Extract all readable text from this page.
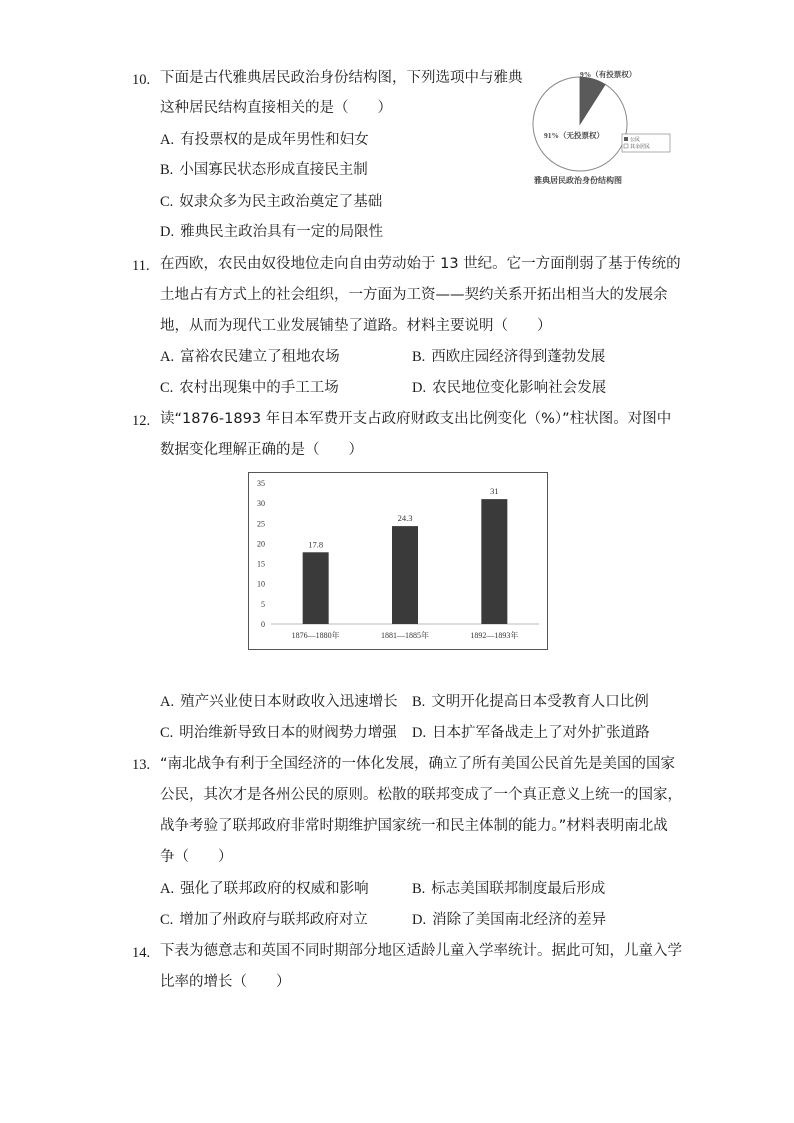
10. 下面是古代雅典居民政治身份结构图，下列选项中与雅典
这种居民结构直接相关的是（　　）
A. 有投票权的是成年男性和妇女
B. 小国寡民状态形成直接民主制
C. 奴隶众多为民主政治奠定了基础
D. 雅典民主政治具有一定的局限性
9%（有投票权）
91%（无投票权）
公民
其余居民
雅典居民政治身份结构图
11. 在西欧，农民由奴役地位走向自由劳动始于 13 世纪。它一方面削弱了基于传统的
土地占有方式上的社会组织，一方面为工资——契约关系开拓出相当大的发展余
地，从而为现代工业发展铺垫了道路。材料主要说明（　　）
A. 富裕农民建立了租地农场	B. 西欧庄园经济得到蓬勃发展
C. 农村出现集中的手工工场	D. 农民地位变化影响社会发展
12. 读“1876-1893 年日本军费开支占政府财政支出比例变化（%）”柱状图。对图中
数据变化理解正确的是（　　）
0
5
10
15
20
25
30
35
17.8
1876—1880年
24.3
1881—1885年
31
1892—1893年
A. 殖产兴业使日本财政收入迅速增长 B. 文明开化提高日本受教育人口比例
C. 明治维新导致日本的财阀势力增强 D. 日本扩军备战走上了对外扩张道路
13. “南北战争有利于全国经济的一体化发展，确立了所有美国公民首先是美国的国家
公民，其次才是各州公民的原则。松散的联邦变成了一个真正意义上统一的国家，
战争考验了联邦政府非常时期维护国家统一和民主体制的能力。”材料表明南北战
争（　　）
A. 强化了联邦政府的权威和影响	B. 标志美国联邦制度最后形成
C. 增加了州政府与联邦政府对立	D. 消除了美国南北经济的差异
14. 下表为德意志和英国不同时期部分地区适龄儿童入学率统计。据此可知，儿童入学
比率的增长（　　）
